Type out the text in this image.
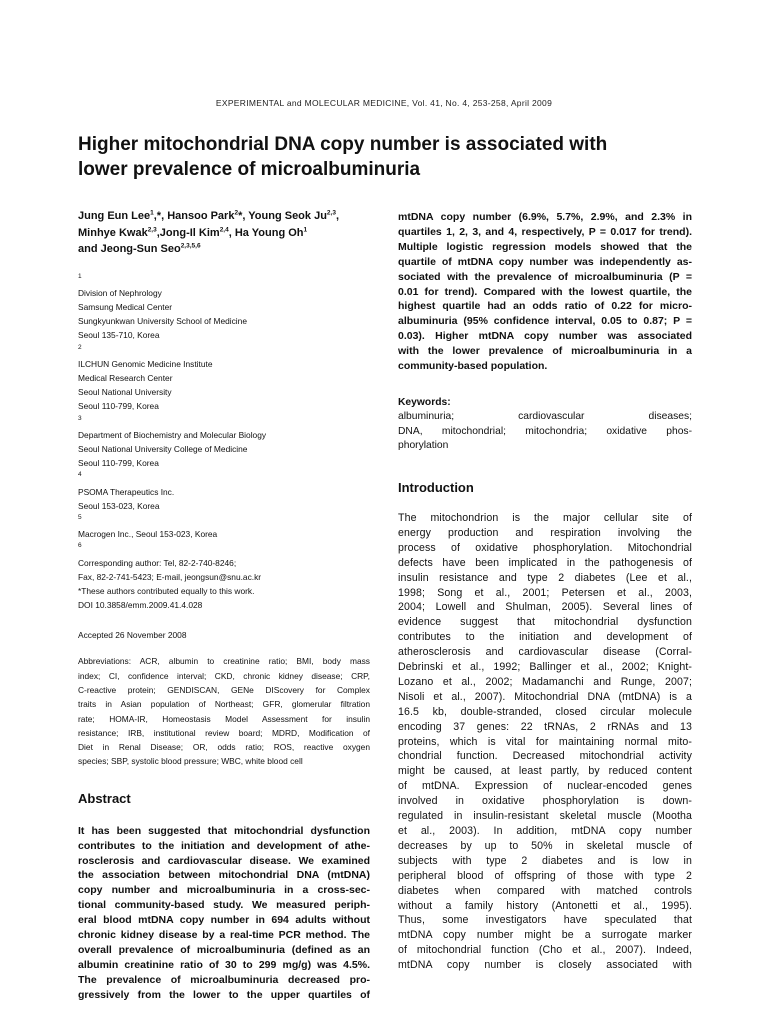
EXPERIMENTAL and MOLECULAR MEDICINE, Vol. 41, No. 4, 253-258, April 2009
Higher mitochondrial DNA copy number is associated with
lower prevalence of microalbuminuria
Jung Eun Lee$^1$,*, Hansoo Park$^2$*, Young Seok Ju$^{2,3}$,
Minhye Kwak$^{2,3}$,Jong-Il Kim$^{2,4}$, Ha Young Oh$^1$
and Jeong-Sun Seo$^{2,3,5,6}$
$^1$
Division of Nephrology
Samsung Medical Center
Sungkyunkwan University School of Medicine
Seoul 135-710, Korea
$^2$
ILCHUN Genomic Medicine Institute
Medical Research Center
Seoul National University
Seoul 110-799, Korea
$^3$
Department of Biochemistry and Molecular Biology
Seoul National University College of Medicine
Seoul 110-799, Korea
$^4$
PSOMA Therapeutics Inc.
Seoul 153-023, Korea
$^5$
Macrogen Inc., Seoul 153-023, Korea
$^6$
Corresponding author: Tel, 82-2-740-8246;
Fax, 82-2-741-5423; E-mail, jeongsun@snu.ac.kr
*These authors contributed equally to this work.
DOI 10.3858/emm.2009.41.4.028
Accepted 26 November 2008
Abbreviations: ACR, albumin to creatinine ratio; BMI, body mass
index; CI, confidence interval; CKD, chronic kidney disease; CRP,
C-reactive protein; GENDISCAN, GENe DIScovery for Complex
traits in Asian population of Northeast; GFR, glomerular filtration
rate; HOMA-IR, Homeostasis Model Assessment for insulin
resistance; IRB, institutional review board; MDRD, Modification of
Diet in Renal Disease; OR, odds ratio; ROS, reactive oxygen
species; SBP, systolic blood pressure; WBC, white blood cell
Abstract
It has been suggested that mitochondrial dysfunction
contributes to the initiation and development of athe-
rosclerosis and cardiovascular disease. We examined
the association between mitochondrial DNA (mtDNA)
copy number and microalbuminuria in a cross-sec-
tional community-based study. We measured periph-
eral blood mtDNA copy number in 694 adults without
chronic kidney disease by a real-time PCR method. The
overall prevalence of microalbuminuria (defined as an
albumin creatinine ratio of 30 to 299 mg/g) was 4.5%.
The prevalence of microalbuminuria decreased pro-
gressively from the lower to the upper quartiles of
mtDNA copy number (6.9%, 5.7%, 2.9%, and 2.3% in
quartiles 1, 2, 3, and 4, respectively, P = 0.017 for trend).
Multiple logistic regression models showed that the
quartile of mtDNA copy number was independently as-
sociated with the prevalence of microalbuminuria (P =
0.01 for trend). Compared with the lowest quartile, the
highest quartile had an odds ratio of 0.22 for micro-
albuminuria (95% confidence interval, 0.05 to 0.87; P =
0.03). Higher mtDNA copy number was associated
with the lower prevalence of microalbuminuria in a
community-based population.
Keywords:
albuminuria; cardiovascular diseases;
DNA, mitochondrial; mitochondria; oxidative phos-
phorylation
Introduction
The mitochondrion is the major cellular site of
energy production and respiration involving the
process of oxidative phosphorylation. Mitochondrial
defects have been implicated in the pathogenesis of
insulin resistance and type 2 diabetes (Lee et al.,
1998; Song et al., 2001; Petersen et al., 2003,
2004; Lowell and Shulman, 2005). Several lines of
evidence suggest that mitochondrial dysfunction
contributes to the initiation and development of
atherosclerosis and cardiovascular disease (Corral-
Debrinski et al., 1992; Ballinger et al., 2002; Knight-
Lozano et al., 2002; Madamanchi and Runge, 2007;
Nisoli et al., 2007). Mitochondrial DNA (mtDNA) is a
16.5 kb, double-stranded, closed circular molecule
encoding 37 genes: 22 tRNAs, 2 rRNAs and 13
proteins, which is vital for maintaining normal mito-
chondrial function. Decreased mitochondrial activity
might be caused, at least partly, by reduced content
of mtDNA. Expression of nuclear-encoded genes
involved in oxidative phosphorylation is down-
regulated in insulin-resistant skeletal muscle (Mootha
et al., 2003). In addition, mtDNA copy number
decreases by up to 50% in skeletal muscle of
subjects with type 2 diabetes and is low in
peripheral blood of offspring of those with type 2
diabetes when compared with matched controls
without a family history (Antonetti et al., 1995).
Thus, some investigators have speculated that
mtDNA copy number might be a surrogate marker
of mitochondrial function (Cho et al., 2007). Indeed,
mtDNA copy number is closely associated with
